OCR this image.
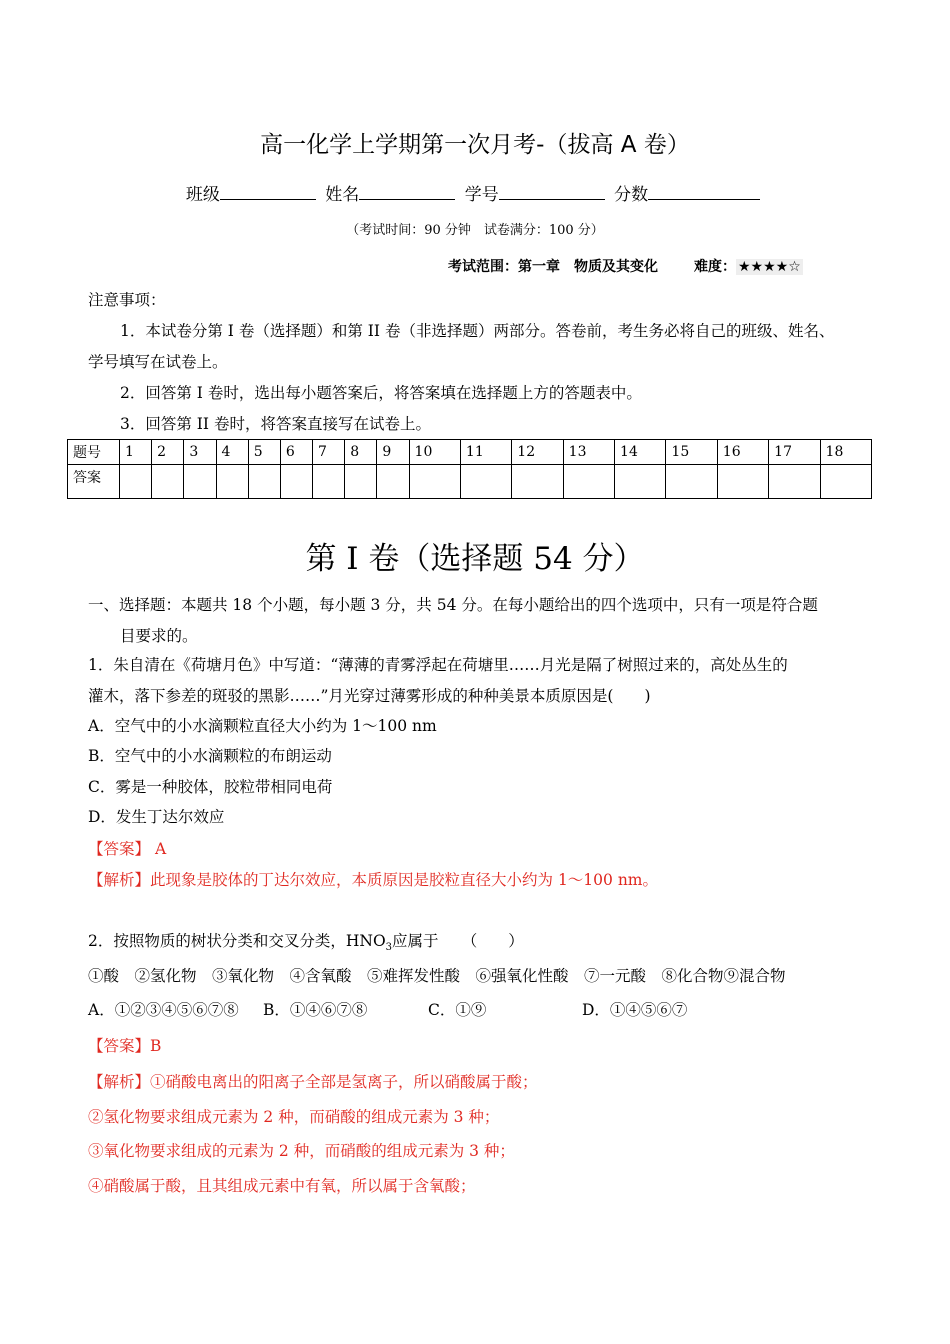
高一化学上学期第一次月考-（拔高 A 卷）
班级	姓名	学号	分数
（考试时间：90 分钟　试卷满分：100 分）
考试范围：第一章　物质及其变化	难度： ★★★★☆
注意事项：
1．本试卷分第 I 卷（选择题）和第 II 卷（非选择题）两部分。答卷前，考生务必将自己的班级、姓名、
学号填写在试卷上。
2．回答第 I 卷时，选出每小题答案后，将答案填在选择题上方的答题表中。
3．回答第 II 卷时，将答案直接写在试卷上。
题号	1	2	3	4	5	6	7	8	9	10	11	12	13	14	15	16	17	18
答案																		
第 I 卷（选择题 54 分）
一、选择题：本题共 18 个小题，每小题 3 分，共 54 分。在每小题给出的四个选项中，只有一项是符合题
目要求的。
1．朱自清在《荷塘月色》中写道：“薄薄的青雾浮起在荷塘里……月光是隔了树照过来的，高处丛生的
灌木，落下参差的斑驳的黑影……”月光穿过薄雾形成的种种美景本质原因是(　　)
A．空气中的小水滴颗粒直径大小约为 1～100 nm
B．空气中的小水滴颗粒的布朗运动
C．雾是一种胶体，胶粒带相同电荷
D．发生丁达尔效应
【答案】 A
【解析】此现象是胶体的丁达尔效应，本质原因是胶粒直径大小约为 1～100 nm。
2．按照物质的树状分类和交叉分类，$HNO_3$应属于　　（　　）
①酸　②氢化物　③氧化物　④含氧酸　⑤难挥发性酸　⑥强氧化性酸　⑦一元酸　⑧化合物⑨混合物
A．①②③④⑤⑥⑦⑧ B．①④⑥⑦⑧	C．①⑨	D．①④⑤⑥⑦
【答案】B
【解析】①硝酸电离出的阳离子全部是氢离子，所以硝酸属于酸；
②氢化物要求组成元素为 2 种，而硝酸的组成元素为 3 种；
③氧化物要求组成的元素为 2 种，而硝酸的组成元素为 3 种；
④硝酸属于酸，且其组成元素中有氧，所以属于含氧酸；
